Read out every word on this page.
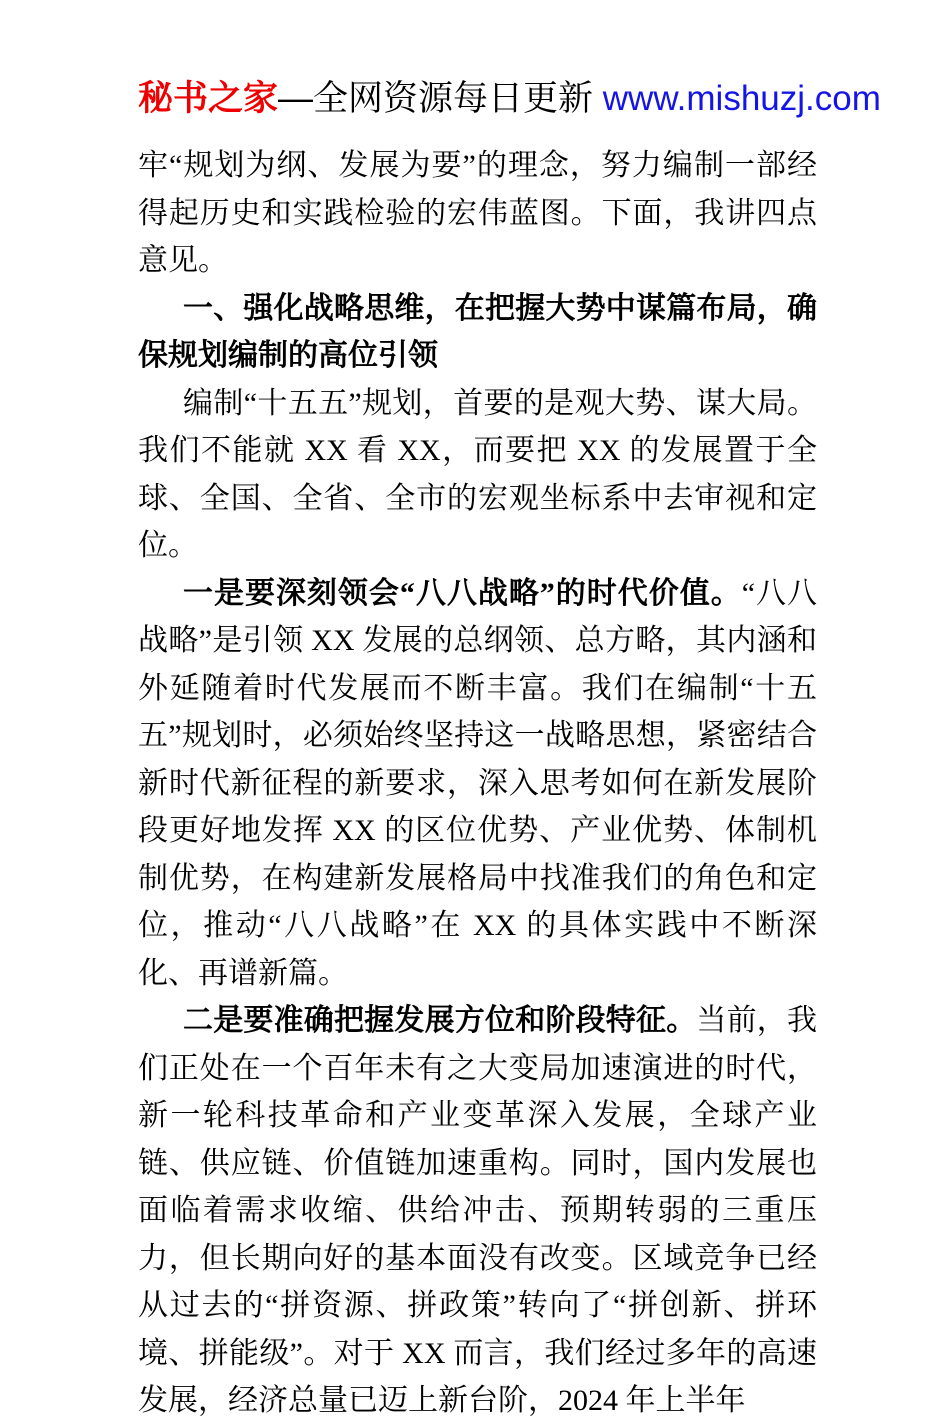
秘书之家—全网资源每日更新 www.mishuzj.com

牢“规划为纲、发展为要”的理念，努力编制一部经得起历史和实践检验的宏伟蓝图。下面，我讲四点意见。

一、强化战略思维，在把握大势中谋篇布局，确保规划编制的高位引领

编制“十五五”规划，首要的是观大势、谋大局。我们不能就 XX 看 XX，而要把 XX 的发展置于全球、全国、全省、全市的宏观坐标系中去审视和定位。

一是要深刻领会“八八战略”的时代价值。“八八战略”是引领 XX 发展的总纲领、总方略，其内涵和外延随着时代发展而不断丰富。我们在编制“十五五”规划时，必须始终坚持这一战略思想，紧密结合新时代新征程的新要求，深入思考如何在新发展阶段更好地发挥 XX 的区位优势、产业优势、体制机制优势，在构建新发展格局中找准我们的角色和定位，推动“八八战略”在 XX 的具体实践中不断深化、再谱新篇。

二是要准确把握发展方位和阶段特征。当前，我们正处在一个百年未有之大变局加速演进的时代，新一轮科技革命和产业变革深入发展，全球产业链、供应链、价值链加速重构。同时，国内发展也面临着需求收缩、供给冲击、预期转弱的三重压力，但长期向好的基本面没有改变。区域竞争已经从过去的“拼资源、拼政策”转向了“拼创新、拼环境、拼能级”。对于 XX 而言，我们经过多年的高速发展，经济总量已迈上新台阶，2024 年上半年
